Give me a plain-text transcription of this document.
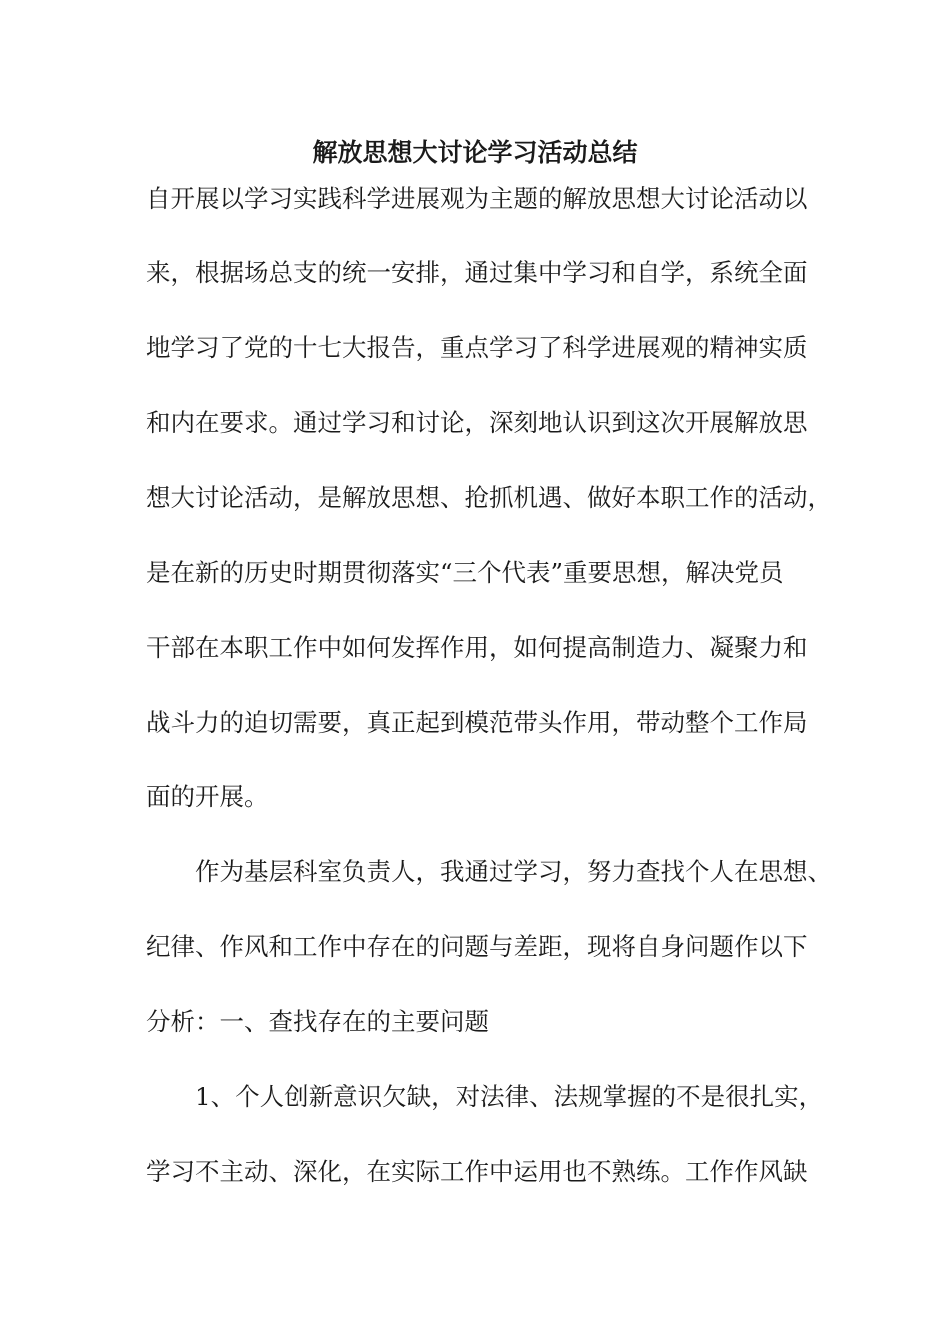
解放思想大讨论学习活动总结
自开展以学习实践科学进展观为主题的解放思想大讨论活动以
来，根据场总支的统一安排，通过集中学习和自学，系统全面
地学习了党的十七大报告，重点学习了科学进展观的精神实质
和内在要求。通过学习和讨论，深刻地认识到这次开展解放思
想大讨论活动，是解放思想、抢抓机遇、做好本职工作的活动，
是在新的历史时期贯彻落实“三个代表”重要思想，解决党员
干部在本职工作中如何发挥作用，如何提高制造力、凝聚力和
战斗力的迫切需要，真正起到模范带头作用，带动整个工作局
面的开展。
　　作为基层科室负责人，我通过学习，努力查找个人在思想、
纪律、作风和工作中存在的问题与差距，现将自身问题作以下
分析：一、查找存在的主要问题
　　1、个人创新意识欠缺，对法律、法规掌握的不是很扎实，
学习不主动、深化，在实际工作中运用也不熟练。工作作风缺
